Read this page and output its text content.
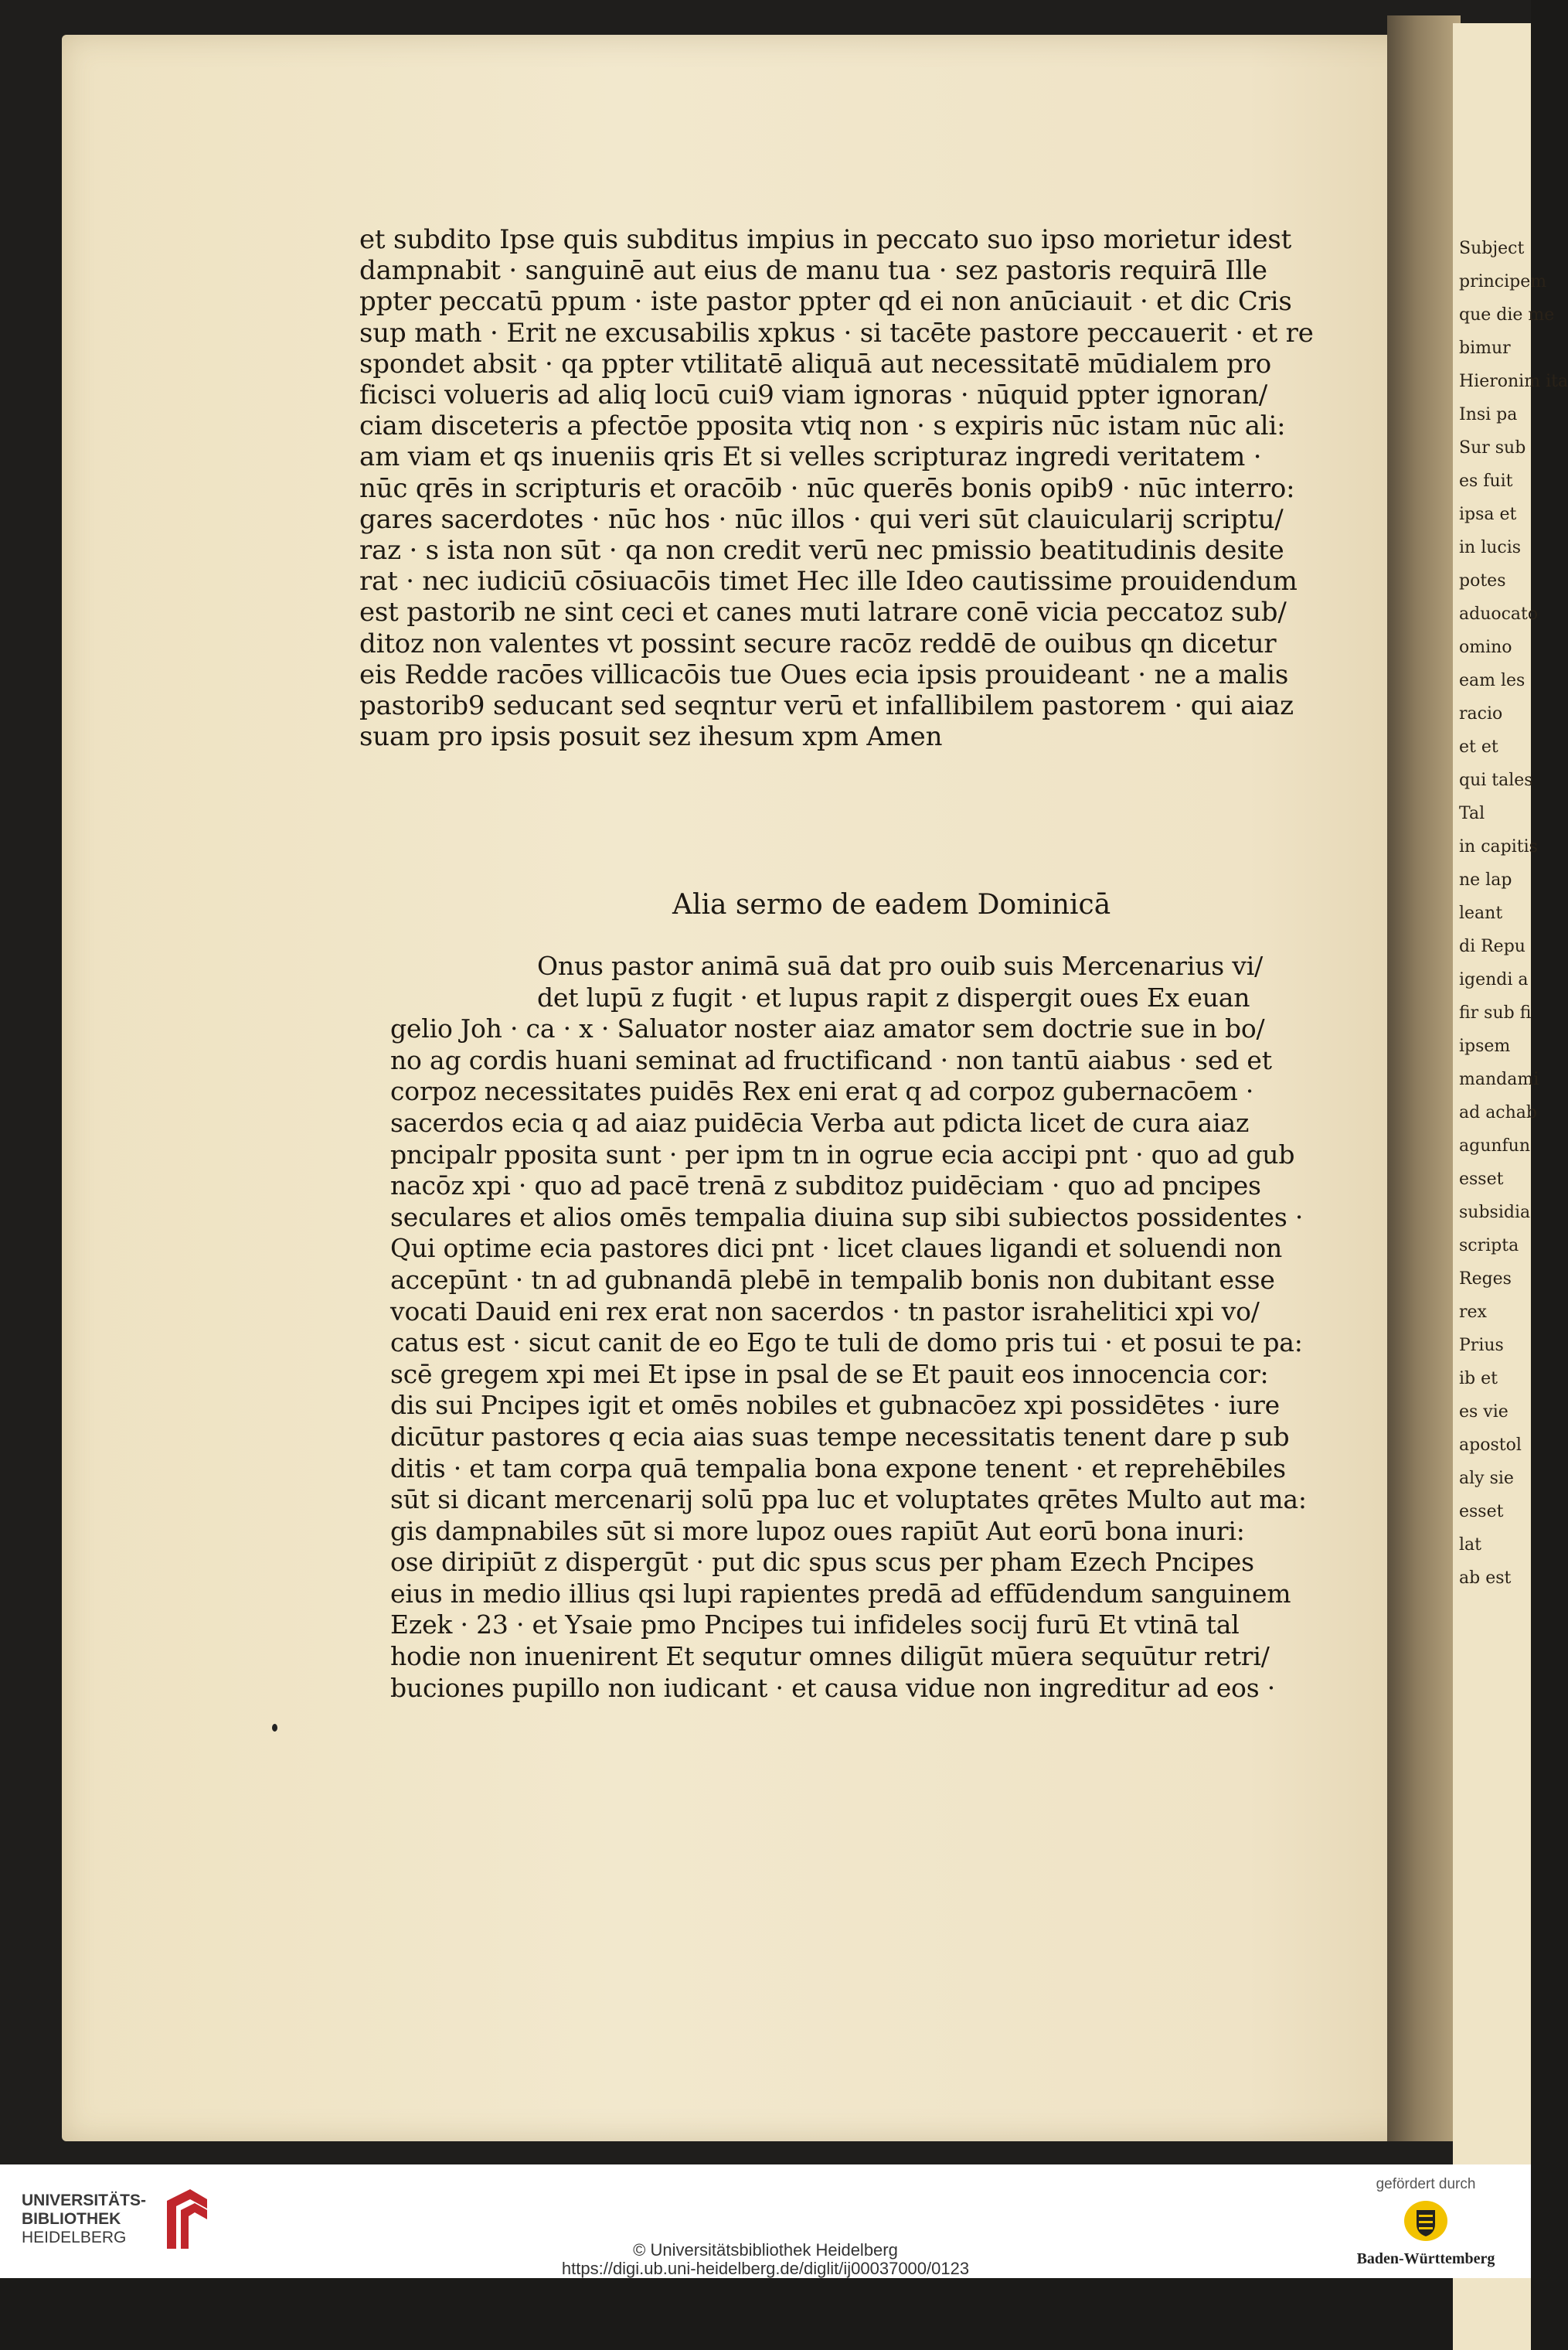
Subject
principem
que die me
bimur
Hieronim ita
Insi pa
Sur sub
es fuit
ipsa et
in lucis
potes
aduocato
omino
eam les
racio
et et
qui tales
Tal
in capitis
ne lap
leant
di Repu
igendi a
fir sub fi
ipsem
mandami
ad achab
agunfun
esset
subsidia
scripta
Reges
rex
Prius
ib et
es vie
apostol
aly sie
esset
lat
ab est
et subdito Ipse quis subditus impius in peccato suo ipso morietur idest
dampnabit · sanguinē aut eius de manu tua · sez pastoris requirā Ille
ppter peccatū ppum · iste pastor ppter qd ei non anūciauit · et dic Cris
sup math · Erit ne excusabilis xpkus · si tacēte pastore peccauerit · et re
spondet absit · qa ppter vtilitatē aliquā aut necessitatē mūdialem pro
ficisci volueris ad aliq locū cui9 viam ignoras · nūquid ppter ignoran/
ciam disceteris a pfectōe pposita vtiq non · s expiris nūc istam nūc ali:
am viam et qs inueniis qris Et si velles scripturaz ingredi veritatem ·
nūc qrēs in scripturis et oracōib · nūc querēs bonis opib9 · nūc interro:
gares sacerdotes · nūc hos · nūc illos · qui veri sūt clauicularij scriptu/
raz · s ista non sūt · qa non credit verū nec pmissio beatitudinis desite
rat · nec iudiciū cōsiuacōis timet Hec ille Ideo cautissime prouidendum
est pastorib ne sint ceci et canes muti latrare conē vicia peccatoz sub/
ditoz non valentes vt possint secure racōz reddē de ouibus qn dicetur
eis Redde racōes villicacōis tue Oues ecia ipsis prouideant · ne a malis
pastorib9 seducant sed seqntur verū et infallibilem pastorem · qui aiaz
suam pro ipsis posuit sez ihesum xpm Amen
Alia sermo de eadem Dominicā
Onus pastor animā suā dat pro ouib suis Mercenarius vi/
det lupū z fugit · et lupus rapit z dispergit oues Ex euan
gelio Joh · ca · x · Saluator noster aiaz amator sem doctrie sue in bo/
no ag cordis huani seminat ad fructificand · non tantū aiabus · sed et
corpoz necessitates puidēs Rex eni erat q ad corpoz gubernacōem ·
sacerdos ecia q ad aiaz puidēcia Verba aut pdicta licet de cura aiaz
pncipalr pposita sunt · per ipm tn in ogrue ecia accipi pnt · quo ad gub
nacōz xpi · quo ad pacē trenā z subditoz puidēciam · quo ad pncipes
seculares et alios omēs tempalia diuina sup sibi subiectos possidentes ·
Qui optime ecia pastores dici pnt · licet claues ligandi et soluendi non
accepūnt · tn ad gubnandā plebē in tempalib bonis non dubitant esse
vocati Dauid eni rex erat non sacerdos · tn pastor israhelitici xpi vo/
catus est · sicut canit de eo Ego te tuli de domo pris tui · et posui te pa:
scē gregem xpi mei Et ipse in psal de se Et pauit eos innocencia cor:
dis sui Pncipes igit et omēs nobiles et gubnacōez xpi possidētes · iure
dicūtur pastores q ecia aias suas tempe necessitatis tenent dare p sub
ditis · et tam corpa quā tempalia bona expone tenent · et reprehēbiles
sūt si dicant mercenarij solū ppa luc et voluptates qrētes Multo aut ma:
gis dampnabiles sūt si more lupoz oues rapiūt Aut eorū bona inuri:
ose diripiūt z dispergūt · put dic spus scus per pham Ezech Pncipes
eius in medio illius qsi lupi rapientes predā ad effūdendum sanguinem
Ezek · 23 · et Ysaie pmo Pncipes tui infideles socij furū Et vtinā tal
hodie non inuenirent Et sequtur omnes diligūt mūera sequūtur retri/
buciones pupillo non iudicant · et causa vidue non ingreditur ad eos ·
UNIVERSITÄTS-
BIBLIOTHEK
HEIDELBERG
© Universitätsbibliothek Heidelberg
https://digi.ub.uni-heidelberg.de/diglit/ij00037000/0123
gefördert durch
Baden-Württemberg
